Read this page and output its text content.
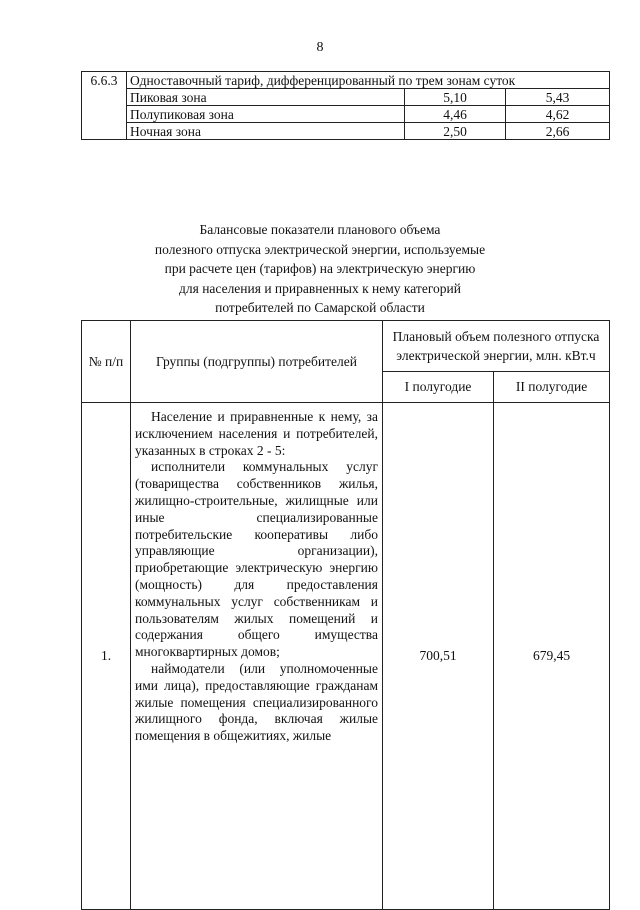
8
6.6.3	Одноставочный тариф, дифференцированный по трем зонам суток		
	Пиковая зона	5,10	5,43
	Полупиковая зона	4,46	4,62
	Ночная зона	2,50	2,66
Балансовые показатели планового объема
полезного отпуска электрической энергии, используемые
при расчете цен (тарифов) на электрическую энергию
для населения и приравненных к нему категорий
потребителей по Самарской области
№ п/п	Группы (подгруппы) потребителей	Плановый объем полезного отпуска электрической энергии, млн. кВт.ч	
		I полугодие	II полугодие
1.	Население и приравненные к нему, за исключением населения и потребителей, указанных в строках 2 - 5:

исполнители коммунальных услуг (товарищества собственников жилья, жилищно-строительные, жилищные или иные специализированные потребительские кооперативы либо управляющие организации), приобретающие электрическую энергию (мощность) для предоставления коммунальных услуг собственникам и пользователям жилых помещений и содержания общего имущества многоквартирных домов;

наймодатели (или уполномоченные ими лица), предоставляющие гражданам жилые помещения специализированного жилищного фонда, включая жилые помещения в общежитиях, жилые	700,51	679,45
